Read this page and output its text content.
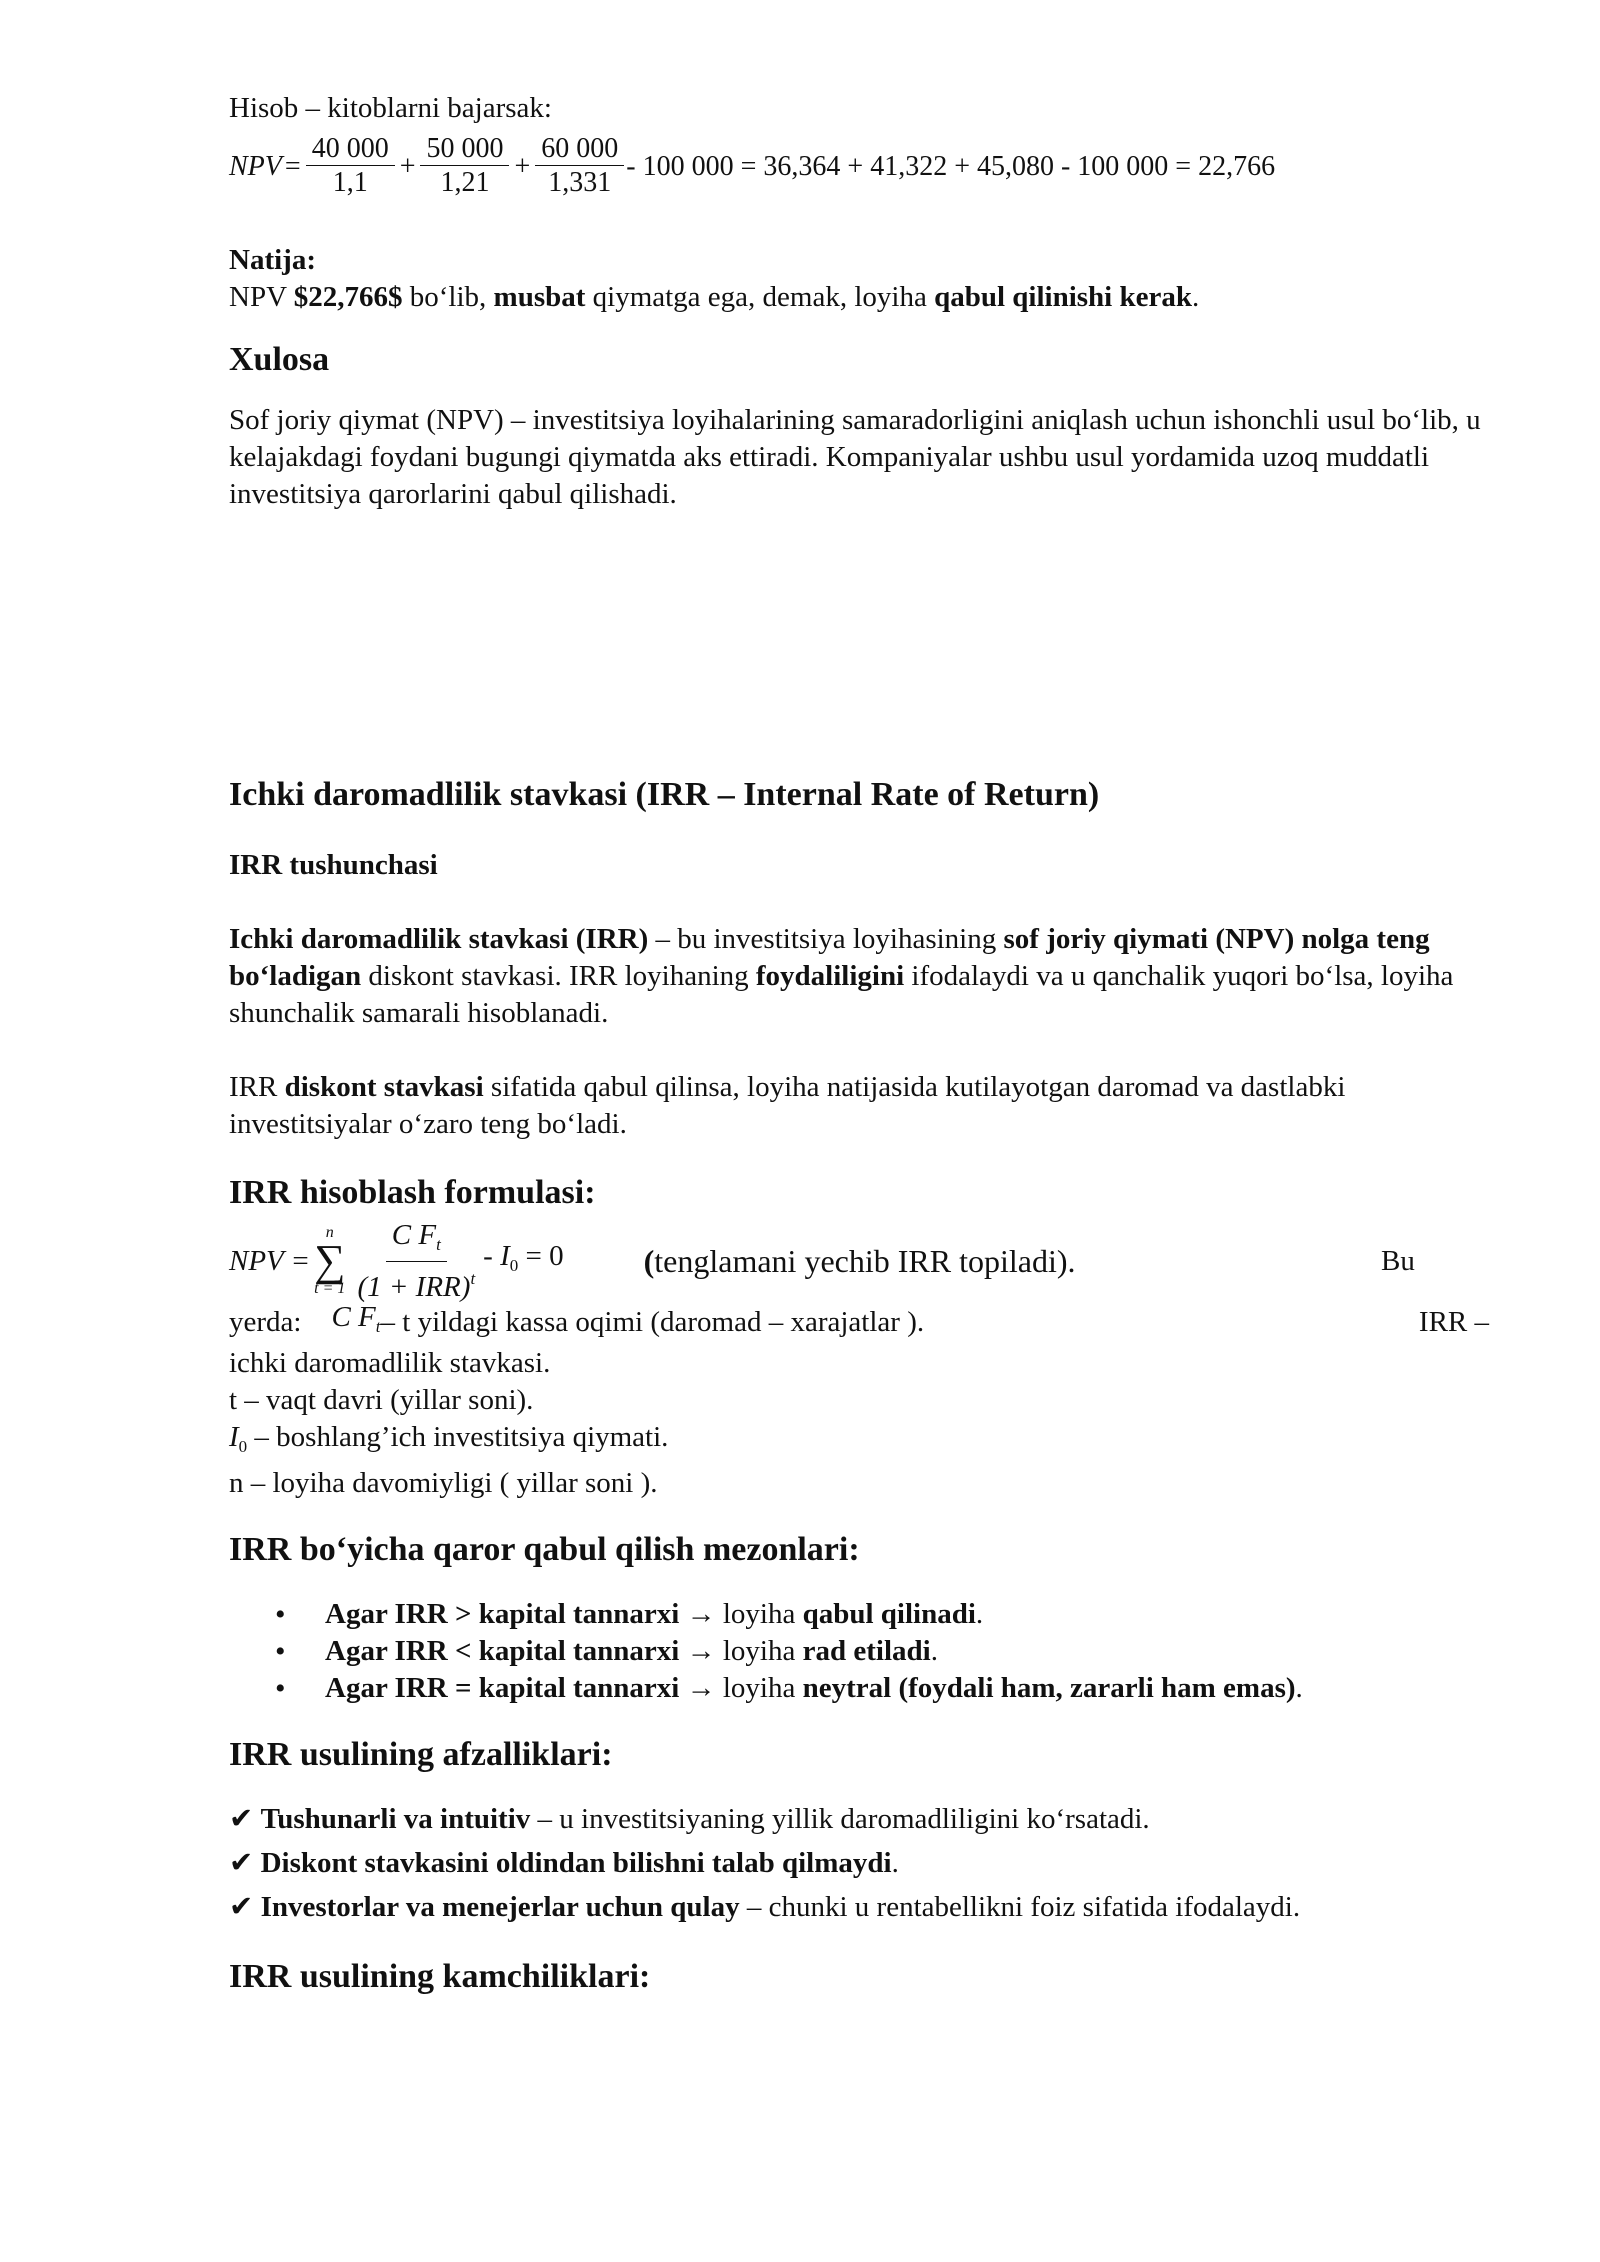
Hisob – kitoblarni bajarsak:

NPV = $\frac{40 000}{1,1} + \frac{50 000}{1,21} + \frac{60 000}{1,331} - 100$ 000 = 36,364 + 41,322 + 45,080 - 100 000 = 22,766

Natija:

NPV $22,766$ bo‘lib, musbat qiymatga ega, demak, loyiha qabul qilinishi kerak.

Xulosa

Sof joriy qiymat (NPV) – investitsiya loyihalarining samaradorligini aniqlash uchun ishonchli usul bo‘lib, u kelajakdagi foydani bugungi qiymatda aks ettiradi. Kompaniyalar ushbu usul yordamida uzoq muddatli investitsiya qarorlarini qabul qilishadi.

Ichki daromadlilik stavkasi (IRR – Internal Rate of Return)

IRR tushunchasi

Ichki daromadlilik stavkasi (IRR) – bu investitsiya loyihasining sof joriy qiymati (NPV) nolga teng bo‘ladigan diskont stavkasi. IRR loyihaning foydaliligini ifodalaydi va u qanchalik yuqori bo‘lsa, loyiha shunchalik samarali hisoblanadi.

IRR diskont stavkasi sifatida qabul qilinsa, loyiha natijasida kutilayotgan daromad va dastlabki investitsiyalar o‘zaro teng bo‘ladi.

IRR hisoblash formulasi:
NPV =
n
∑
$t = 1 \frac{C F_t}{(1 + IRR)^t} - I_0 = 0$	(tenglamani yechib IRR topiladi).	Bu
yerda: C $F_t$ – t yildagi kassa oqimi (daromad – xarajatlar ).	IRR –

ichki daromadlilik stavkasi.

t – vaqt davri (yillar soni).

$I_0$ – boshlang’ich investitsiya qiymati.

n – loyiha davomiyligi ( yillar soni ).

IRR bo‘yicha qaror qabul qilish mezonlari:
• Agar IRR > kapital tannarxi → loyiha qabul qilinadi.
• Agar IRR < kapital tannarxi → loyiha rad etiladi.
• Agar IRR = kapital tannarxi → loyiha neytral (foydali ham, zararli ham emas).
IRR usulining afzalliklari:
✔ Tushunarli va intuitiv – u investitsiyaning yillik daromadliligini ko‘rsatadi.
✔ Diskont stavkasini oldindan bilishni talab qilmaydi.
✔ Investorlar va menejerlar uchun qulay – chunki u rentabellikni foiz sifatida ifodalaydi.
IRR usulining kamchiliklari:
